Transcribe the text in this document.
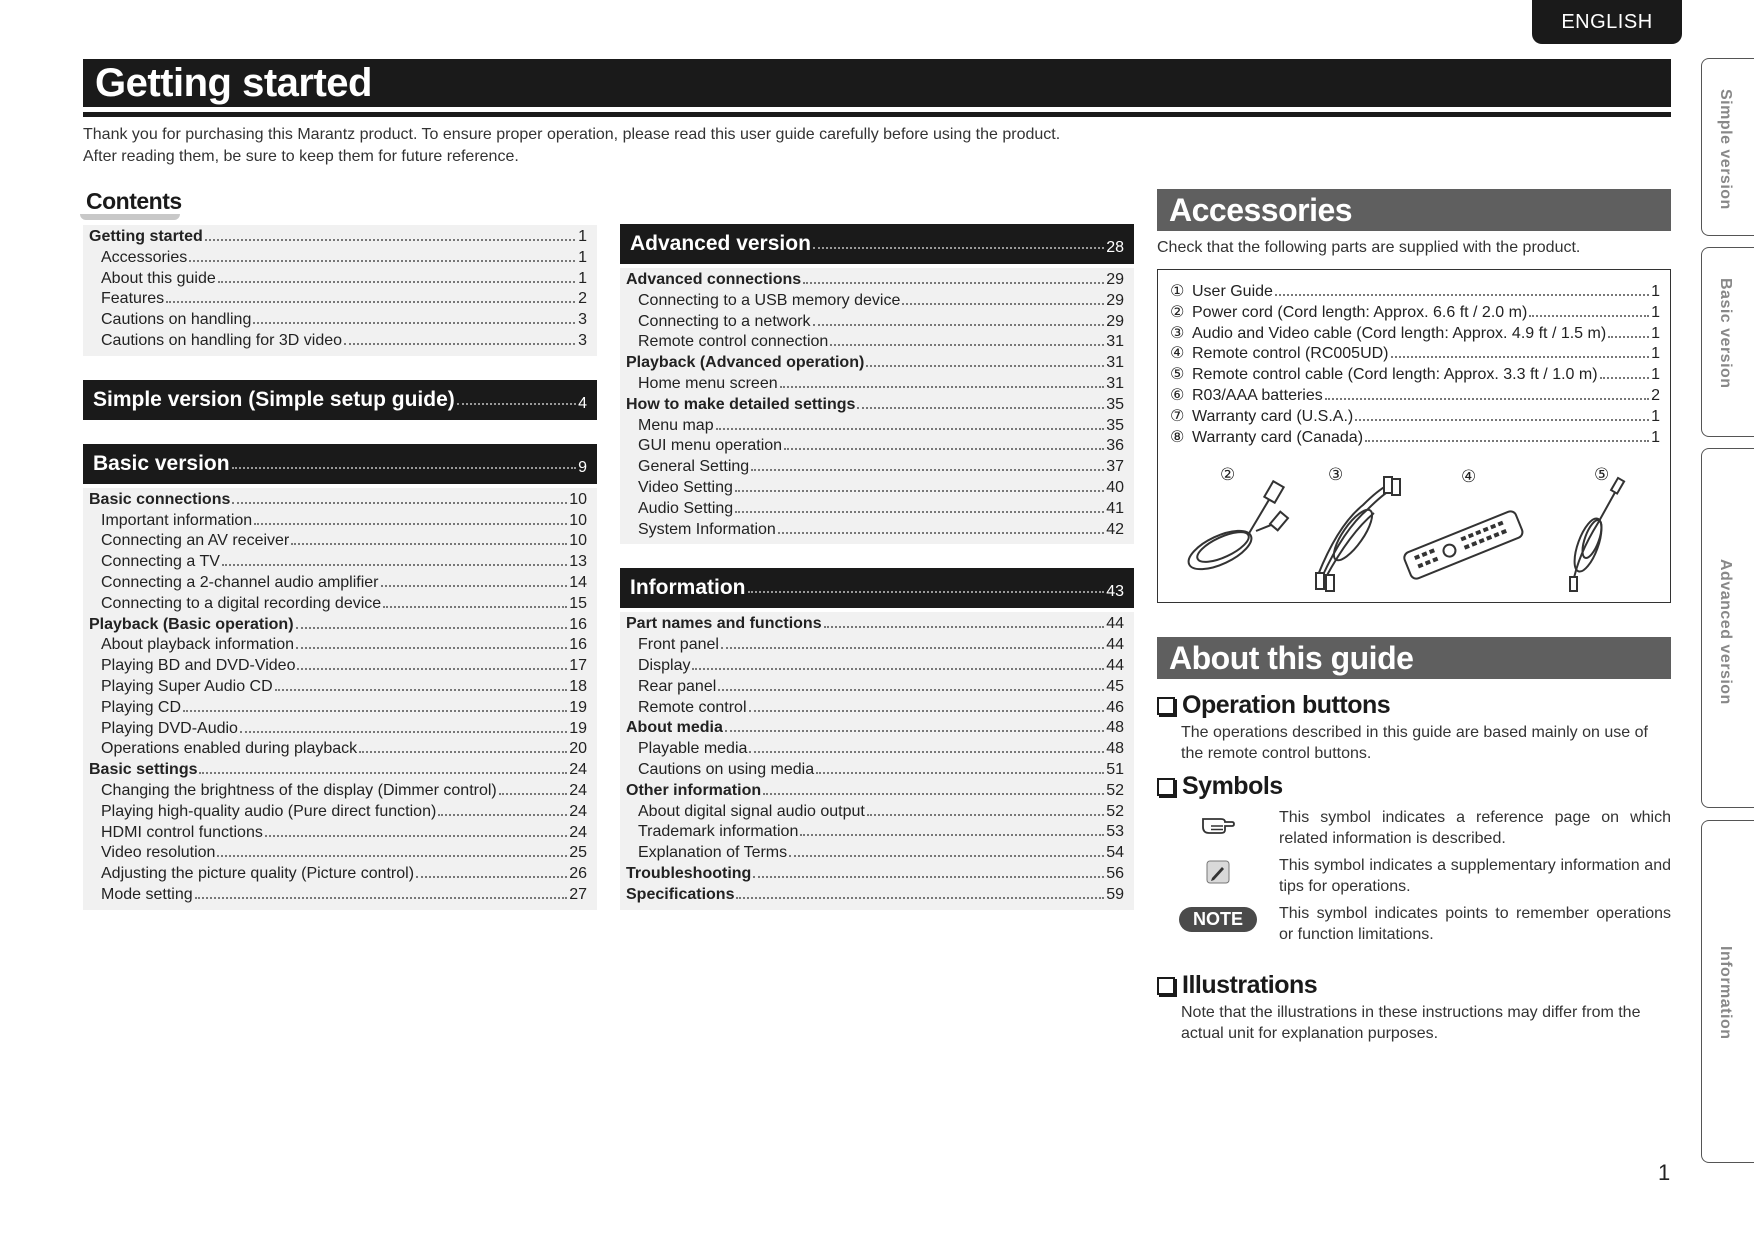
ENGLISH
Getting started
Thank you for purchasing this Marantz product. To ensure proper operation, please read this user guide carefully before using the product.
After reading them, be sure to keep them for future reference.
Contents
Getting started	1
Accessories	1
About this guide	1
Features	2
Cautions on handling	3
Cautions on handling for 3D video	3
Simple version (Simple setup guide)	4
Basic version	9
Basic connections	10
Important information	10
Connecting an AV receiver	10
Connecting a TV	13
Connecting a 2-channel audio amplifier	14
Connecting to a digital recording device	15
Playback (Basic operation)	16
About playback information	16
Playing BD and DVD-Video	17
Playing Super Audio CD	18
Playing CD	19
Playing DVD-Audio	19
Operations enabled during playback	20
Basic settings	24
Changing the brightness of the display (Dimmer control)	24
Playing high-quality audio (Pure direct function)	24
HDMI control functions	24
Video resolution	25
Adjusting the picture quality (Picture control)	26
Mode setting	27
Advanced version	28
Advanced connections	29
Connecting to a USB memory device	29
Connecting to a network	29
Remote control connection	31
Playback (Advanced operation)	31
Home menu screen	31
How to make detailed settings	35
Menu map	35
GUI menu operation	36
General Setting	37
Video Setting	40
Audio Setting	41
System Information	42
Information	43
Part names and functions	44
Front panel	44
Display	44
Rear panel	45
Remote control	46
About media	48
Playable media	48
Cautions on using media	51
Other information	52
About digital signal audio output	52
Trademark information	53
Explanation of Terms	54
Troubleshooting	56
Specifications	59
Accessories
Check that the following parts are supplied with the product.
① User Guide	1
② Power cord (Cord length: Approx. 6.6 ft / 2.0 m)	1
③ Audio and Video cable (Cord length: Approx. 4.9 ft / 1.5 m)	1
④ Remote control (RC005UD)	1
⑤ Remote control cable (Cord length: Approx. 3.3 ft / 1.0 m)	1
⑥ R03/AAA batteries	2
⑦ Warranty card (U.S.A.)	1
⑧ Warranty card (Canada)	1
②	③	④	⑤
About this guide
Operation buttons
The operations described in this guide are based mainly on use of the remote control buttons.
Symbols
This symbol indicates a reference page on which related information is described.
This symbol indicates a supplementary information and tips for operations.
NOTE	This symbol indicates points to remember operations or function limitations.
Illustrations
Note that the illustrations in these instructions may differ from the actual unit for explanation purposes.
Simple version
Basic version
Advanced version
Information
1
